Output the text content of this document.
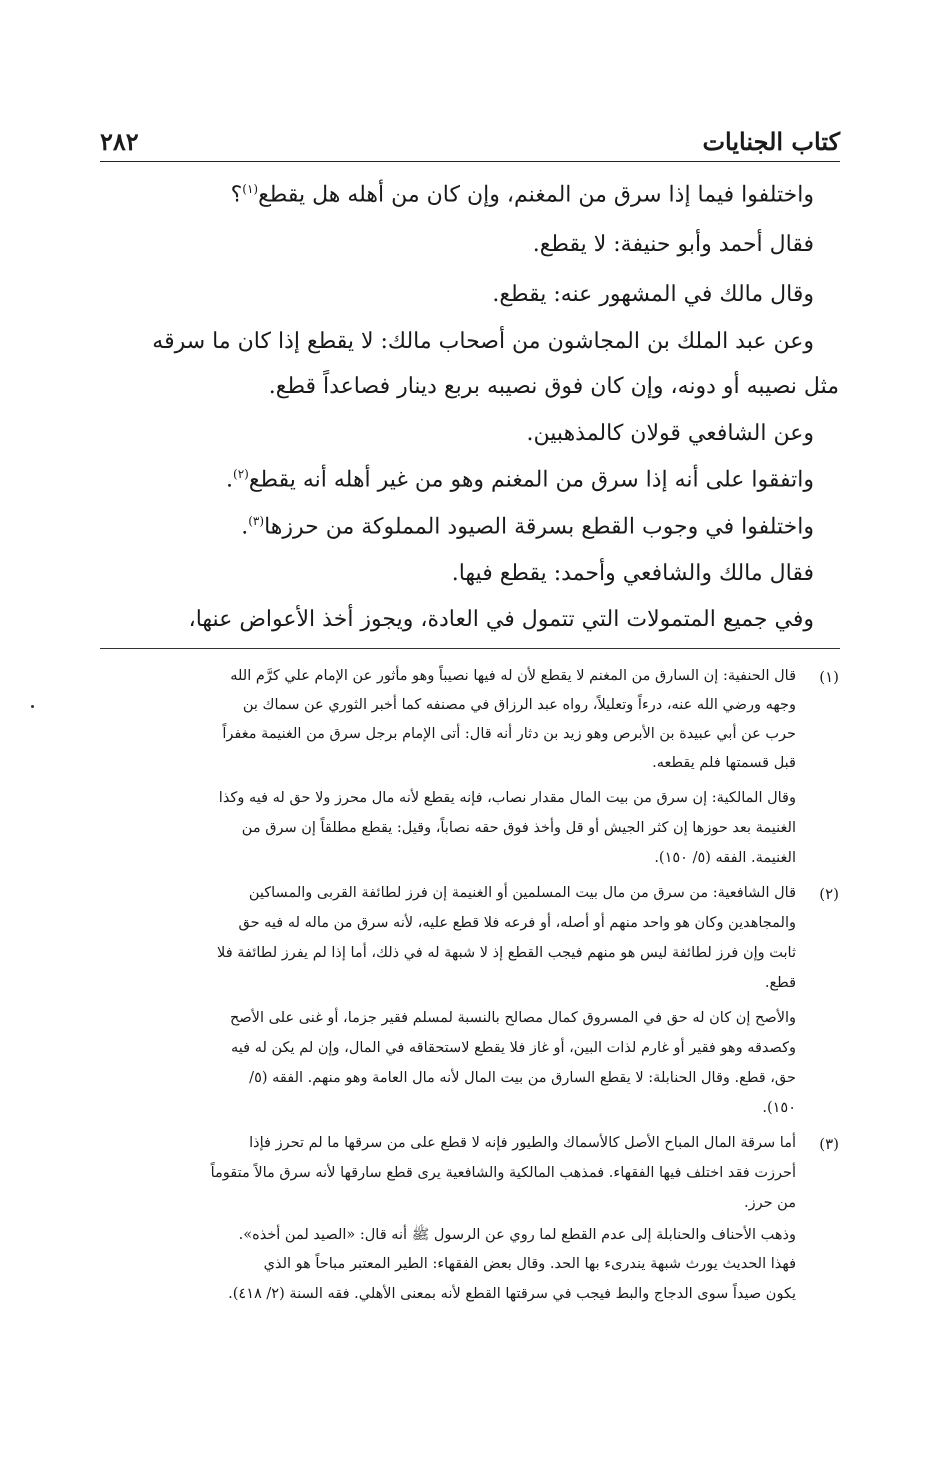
كتاب الجنايات
٢٨٢
واختلفوا فيما إذا سرق من المغنم، وإن كان من أهله هل يقطع$^{(١)}$؟
فقال أحمد وأبو حنيفة: لا يقطع.
وقال مالك في المشهور عنه: يقطع.
وعن عبد الملك بن المجاشون من أصحاب مالك: لا يقطع إذا كان ما سرقه
مثل نصيبه أو دونه، وإن كان فوق نصيبه بربع دينار فصاعداً قطع.
وعن الشافعي قولان كالمذهبين.
واتفقوا على أنه إذا سرق من المغنم وهو من غير أهله أنه يقطع$^{(٢)}$.
واختلفوا في وجوب القطع بسرقة الصيود المملوكة من حرزها$^{(٣)}$.
فقال مالك والشافعي وأحمد: يقطع فيها.
وفي جميع المتمولات التي تتمول في العادة، ويجوز أخذ الأعواض عنها،
(١)
قال الحنفية: إن السارق من المغنم لا يقطع لأن له فيها نصيباً وهو مأثور عن الإمام علي كرَّم الله
وجهه ورضي الله عنه، درءاً وتعليلاً، رواه عبد الرزاق في مصنفه كما أخبر الثوري عن سماك بن
حرب عن أبي عبيدة بن الأبرص وهو زيد بن دثار أنه قال: أتى الإمام برجل سرق من الغنيمة مغفراً
قبل قسمتها فلم يقطعه.
وقال المالكية: إن سرق من بيت المال مقدار نصاب، فإنه يقطع لأنه مال محرز ولا حق له فيه وكذا
الغنيمة بعد حوزها إن كثر الجيش أو قل وأخذ فوق حقه نصاباً، وقيل: يقطع مطلقاً إن سرق من
الغنيمة. الفقه (٥/ ١٥٠).
(٢)
قال الشافعية: من سرق من مال بيت المسلمين أو الغنيمة إن فرز لطائفة القربى والمساكين
والمجاهدين وكان هو واحد منهم أو أصله، أو فرعه فلا قطع عليه، لأنه سرق من ماله له فيه حق
ثابت وإن فرز لطائفة ليس هو منهم فيجب القطع إذ لا شبهة له في ذلك، أما إذا لم يفرز لطائفة فلا
قطع.
والأصح إن كان له حق في المسروق كمال مصالح بالنسبة لمسلم فقير جزما، أو غنى على الأصح
وكصدقه وهو فقير أو غارم لذات البين، أو غاز فلا يقطع لاستحقاقه في المال، وإن لم يكن له فيه
حق، قطع. وقال الحنابلة: لا يقطع السارق من بيت المال لأنه مال العامة وهو منهم. الفقه (٥/
١٥٠).
(٣)
أما سرقة المال المباح الأصل كالأسماك والطيور فإنه لا قطع على من سرقها ما لم تحرز فإذا
أحرزت فقد اختلف فيها الفقهاء. فمذهب المالكية والشافعية يرى قطع سارقها لأنه سرق مالاً متقوماً
من حرز.
وذهب الأحناف والحنابلة إلى عدم القطع لما روي عن الرسول ﷺ أنه قال: «الصيد لمن أخذه».
فهذا الحديث يورث شبهة يندرىء بها الحد. وقال بعض الفقهاء: الطير المعتبر مباحاً هو الذي
يكون صيداً سوى الدجاج والبط فيجب في سرقتها القطع لأنه بمعنى الأهلي. فقه السنة (٢/ ٤١٨).
